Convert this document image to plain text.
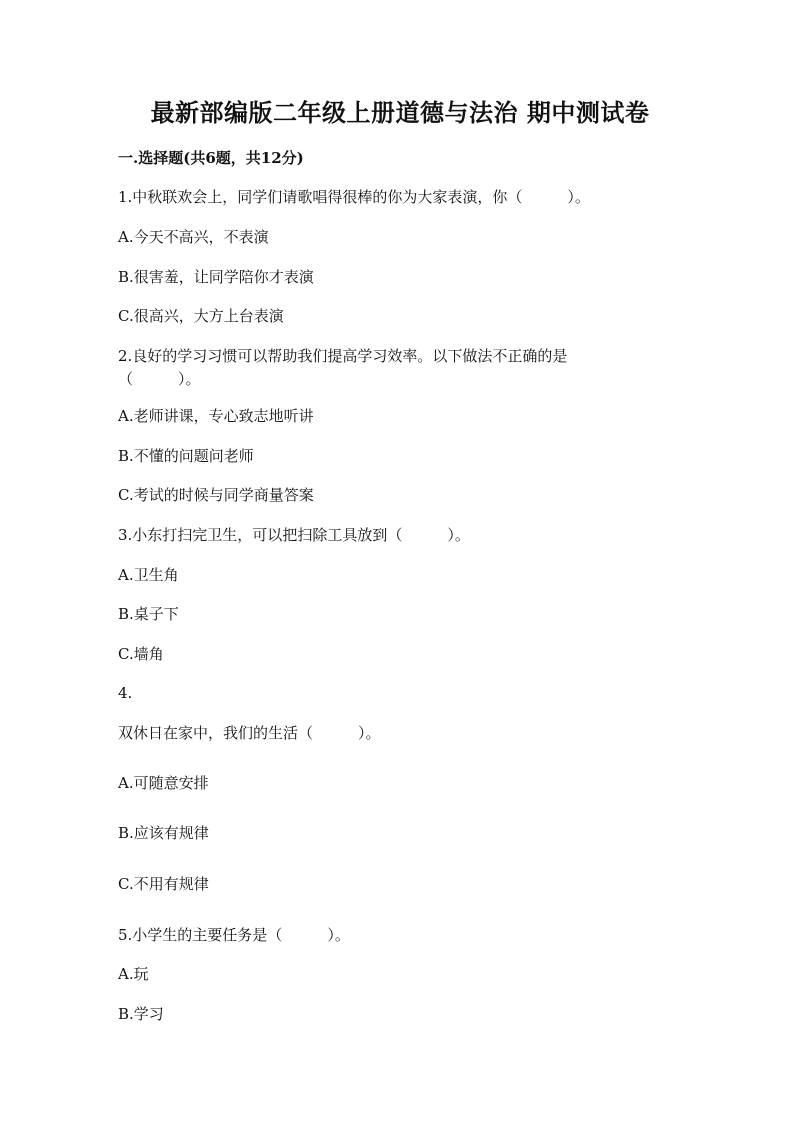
最新部编版二年级上册道德与法治 期中测试卷
一.选择题(共6题，共12分)
1.中秋联欢会上，同学们请歌唱得很棒的你为大家表演，你（　　　）。
A.今天不高兴，不表演
B.很害羞，让同学陪你才表演
C.很高兴，大方上台表演
2.良好的学习习惯可以帮助我们提高学习效率。以下做法不正确的是
（　　　）。
A.老师讲课，专心致志地听讲
B.不懂的问题问老师
C.考试的时候与同学商量答案
3.小东打扫完卫生，可以把扫除工具放到（　　　）。
A.卫生角
B.桌子下
C.墙角
4.
双休日在家中，我们的生活（　　　）。
A.可随意安排
B.应该有规律
C.不用有规律
5.小学生的主要任务是（　　　）。
A.玩
B.学习
